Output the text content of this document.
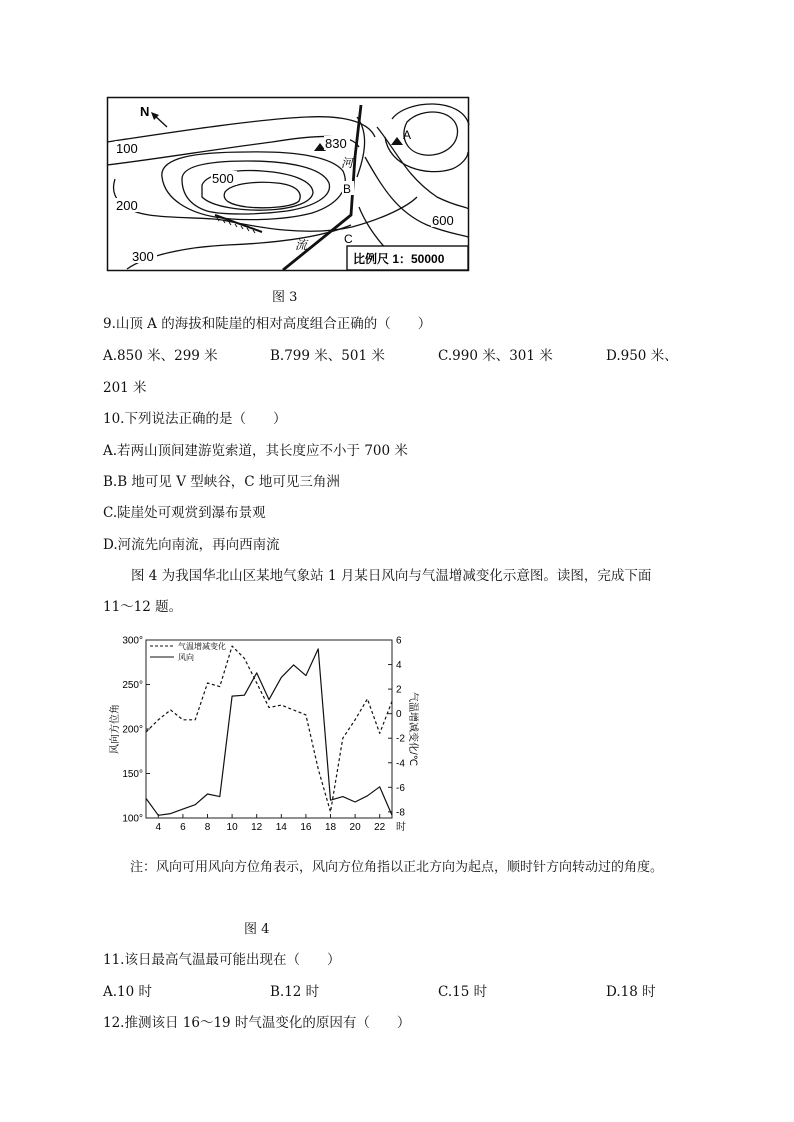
N
100
200
300
500
600
830
A
B
C
河
流
比例尺 1：50000
图 3
9.山顶 A 的海拔和陡崖的相对高度组合正确的（　　）
A.850 米、299 米	B.799 米、501 米	C.990 米、301 米	D.950 米、
201 米
10.下列说法正确的是（　　）
A.若两山顶间建游览索道，其长度应不小于 700 米
B.B 地可见 V 型峡谷，C 地可见三角洲
C.陡崖处可观赏到瀑布景观
D.河流先向南流，再向西南流
图 4 为我国华北山区某地气象站 1 月某日风向与气温增减变化示意图。读图，完成下面
11～12 题。
4 6 8 10 12 14 16 18 20 22 时
100°
150°
200°
250°
300°
风向方位角
-8
-6
-4
-2
0
2
4
6
气温增减变化/℃
气温增减变化
风向
注：风向可用风向方位角表示，风向方位角指以正北方向为起点，顺时针方向转动过的角度。
图 4
11.该日最高气温最可能出现在（　　）
A.10 时	B.12 时	C.15 时	D.18 时
12.推测该日 16～19 时气温变化的原因有（　　）
